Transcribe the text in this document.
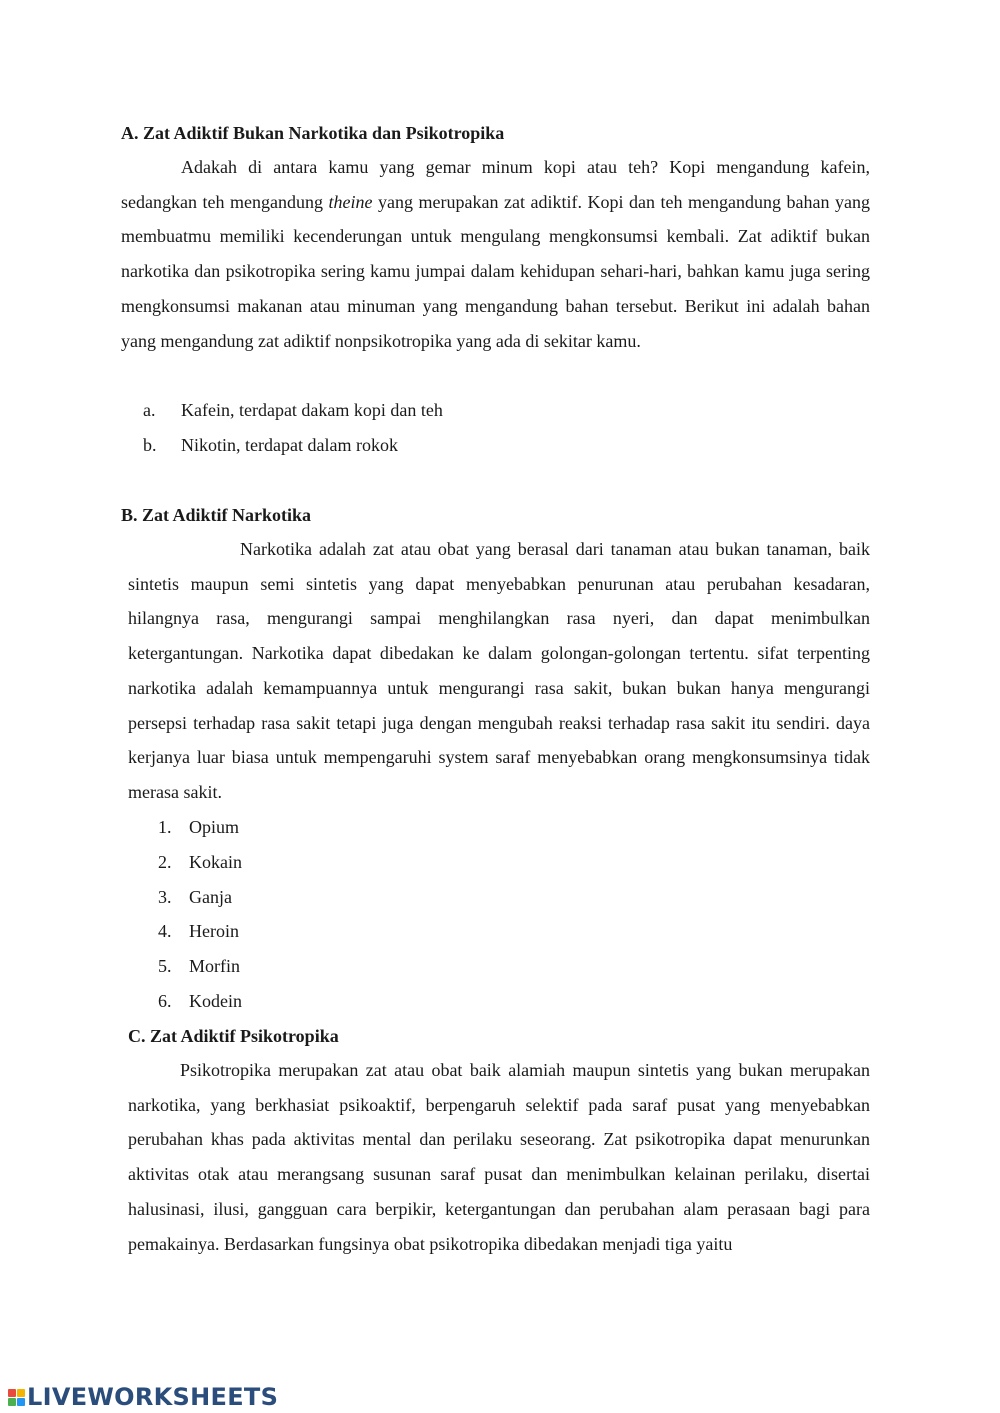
A. Zat Adiktif Bukan Narkotika dan Psikotropika

Adakah di antara kamu yang gemar minum kopi atau teh? Kopi mengandung kafein, sedangkan teh mengandung theine yang merupakan zat adiktif. Kopi dan teh mengandung bahan yang membuatmu memiliki kecenderungan untuk mengulang mengkonsumsi kembali. Zat adiktif bukan narkotika dan psikotropika sering kamu jumpai dalam kehidupan sehari-hari, bahkan kamu juga sering mengkonsumsi makanan atau minuman yang mengandung bahan tersebut. Berikut ini adalah bahan yang mengandung zat adiktif nonpsikotropika yang ada di sekitar kamu.

a.	Kafein, terdapat dakam kopi dan teh
b.	Nikotin, terdapat dalam rokok
B. Zat Adiktif Narkotika

Narkotika adalah zat atau obat yang berasal dari tanaman atau bukan tanaman, baik sintetis maupun semi sintetis yang dapat menyebabkan penurunan atau perubahan kesadaran, hilangnya rasa, mengurangi sampai menghilangkan rasa nyeri, dan dapat menimbulkan ketergantungan. Narkotika dapat dibedakan ke dalam golongan-golongan tertentu. sifat terpenting narkotika adalah kemampuannya untuk mengurangi rasa sakit, bukan bukan hanya mengurangi persepsi terhadap rasa sakit tetapi juga dengan mengubah reaksi terhadap rasa sakit itu sendiri. daya kerjanya luar biasa untuk mempengaruhi system saraf menyebabkan orang mengkonsumsinya tidak merasa sakit.

1. Opium
2. Kokain
3. Ganja
4. Heroin
5. Morfin
6. Kodein
C. Zat Adiktif Psikotropika

Psikotropika merupakan zat atau obat baik alamiah maupun sintetis yang bukan merupakan narkotika, yang berkhasiat psikoaktif, berpengaruh selektif pada saraf pusat yang menyebabkan perubahan khas pada aktivitas mental dan perilaku seseorang. Zat psikotropika dapat menurunkan aktivitas otak atau merangsang susunan saraf pusat dan menimbulkan kelainan perilaku, disertai halusinasi, ilusi, gangguan cara berpikir, ketergantungan dan perubahan alam perasaan bagi para pemakainya. Berdasarkan fungsinya obat psikotropika dibedakan menjadi tiga yaitu

LIVEWORKSHEETS
